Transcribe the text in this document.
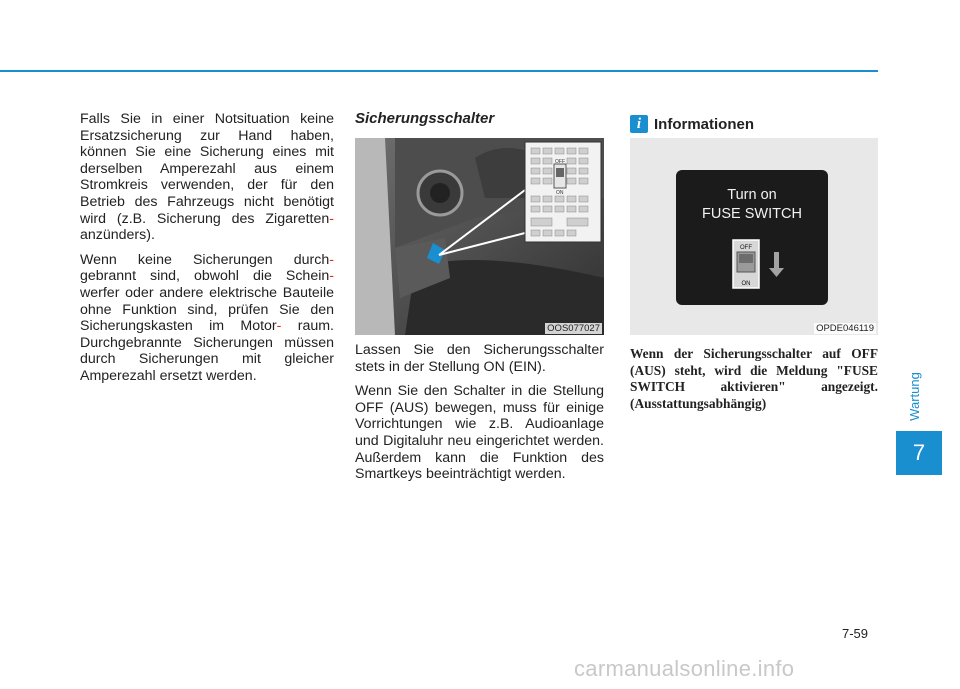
Falls Sie in einer Notsituation keine Ersatzsicherung zur Hand haben, können Sie eine Sicherung eines mit derselben Amperezahl aus einem Stromkreis verwenden, der für den Betrieb des Fahrzeugs nicht benötigt wird (z.B. Sicherung des Zigaretten- anzünders).

Wenn keine Sicherungen durch- gebrannt sind, obwohl die Schein- werfer oder andere elektrische Bauteile ohne Funktion sind, prüfen Sie den Sicherungskasten im Motor- raum. Durchgebrannte Sicherungen müssen durch Sicherungen mit gleicher Amperezahl ersetzt werden.

Sicherungsschalter
OFF
ON
OOS077027

Lassen Sie den Sicherungsschalter stets in der Stellung ON (EIN).

Wenn Sie den Schalter in die Stellung OFF (AUS) bewegen, muss für einige Vorrichtungen wie z.B. Audioanlage und Digitaluhr neu eingerichtet werden. Außerdem kann die Funktion des Smartkeys beeinträchtigt werden.

i Informationen
OPDE046119
Turn on
FUSE SWITCH
OFF
ON
Wenn der Sicherungsschalter auf OFF (AUS) steht, wird die Meldung "FUSE SWITCH aktivieren" angezeigt. (Ausstattungsabhängig)	Wartung
7
7-59
carmanualsonline.info
